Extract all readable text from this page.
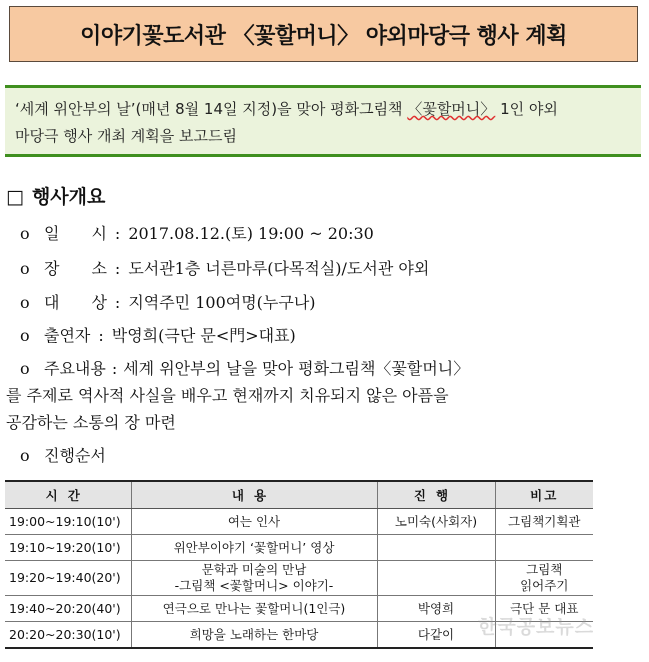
이야기꽃도서관 〈꽃할머니〉 야외마당극 행사 계획
‘세계 위안부의 날’(매년 8월 14일 지정)을 맞아 평화그림책 〈꽃할머니〉 1인 야외
마당극 행사 개최 계획을 보고드림
□ 행사개요
o 일　　시 : 2017.08.12.(토) 19:00 ~ 20:30
o 장　　소 : 도서관1층 너른마루(다목적실)/도서관 야외
o 대　　상 : 지역주민 100여명(누구나)
o 출연자 : 박영희(극단 문<門>대표)
o 주요내용 : 세계 위안부의 날을 맞아 평화그림책〈꽃할머니〉
를 주제로 역사적 사실을 배우고 현재까지 치유되지 않은 아픔을
공감하는 소통의 장 마련
o 진행순서
시간	내용	진행	비고
19:00~19:10(10')	여는 인사	노미숙(사회자)	그림책기획관
19:10~19:20(10')	위안부이야기 ‘꽃할머니’ 영상		
19:20~19:40(20')	문학과 미술의 만남
-그림책 <꽃할머니> 이야기-		그림책
읽어주기
19:40~20:20(40')	연극으로 만나는 꽃할머니(1인극)	박영희	극단 문 대표
20:20~20:30(10')	희망을 노래하는 한마당	다같이	한국공보뉴스
